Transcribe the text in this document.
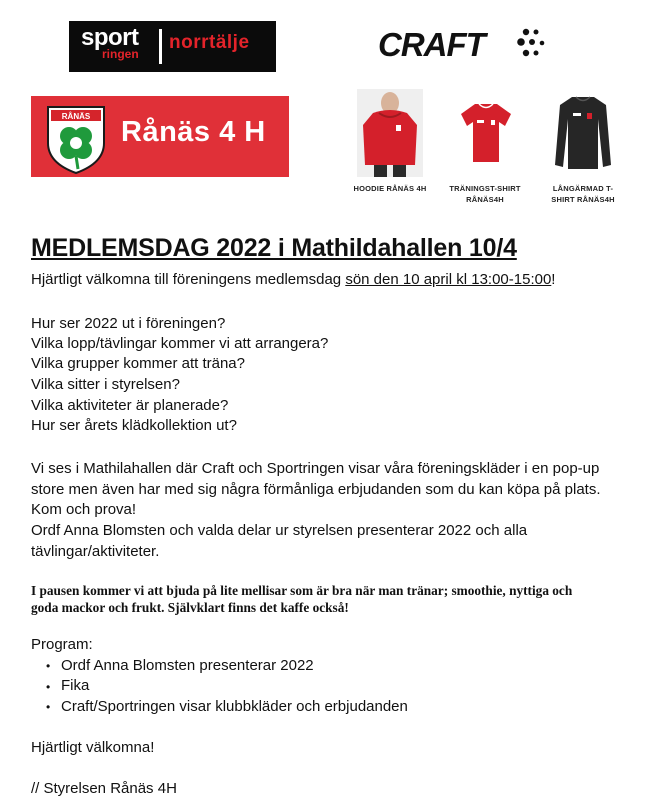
sport
ringen
norrtälje	CRAFT
RÅNÄS Rånäs 4 H
HOODIE RÅNÄS 4H	TRÄNINGST-SHIRT
RÅNÄS4H
LÅNGÄRMAD T-
SHIRT RÅNÄS4H
MEDLEMSDAG 2022 i Mathildahallen 10/4
Hjärtligt välkomna till föreningens medlemsdag sön den 10 april kl 13:00-15:00!
Hur ser 2022 ut i föreningen?
Vilka lopp/tävlingar kommer vi att arrangera?
Vilka grupper kommer att träna?
Vilka sitter i styrelsen?
Vilka aktiviteter är planerade?
Hur ser årets klädkollektion ut?
Vi ses i Mathilahallen där Craft och Sportringen visar våra föreningskläder i en pop-up
store men även har med sig några förmånliga erbjudanden som du kan köpa på plats.
Kom och prova!
Ordf Anna Blomsten och valda delar ur styrelsen presenterar 2022 och alla
tävlingar/aktiviteter.
I pausen kommer vi att bjuda på lite mellisar som är bra när man tränar; smoothie, nyttiga och
goda mackor och frukt. Självklart finns det kaffe också!
Program:
• Ordf Anna Blomsten presenterar 2022
• Fika
• Craft/Sportringen visar klubbkläder och erbjudanden
Hjärtligt välkomna!
// Styrelsen Rånäs 4H
